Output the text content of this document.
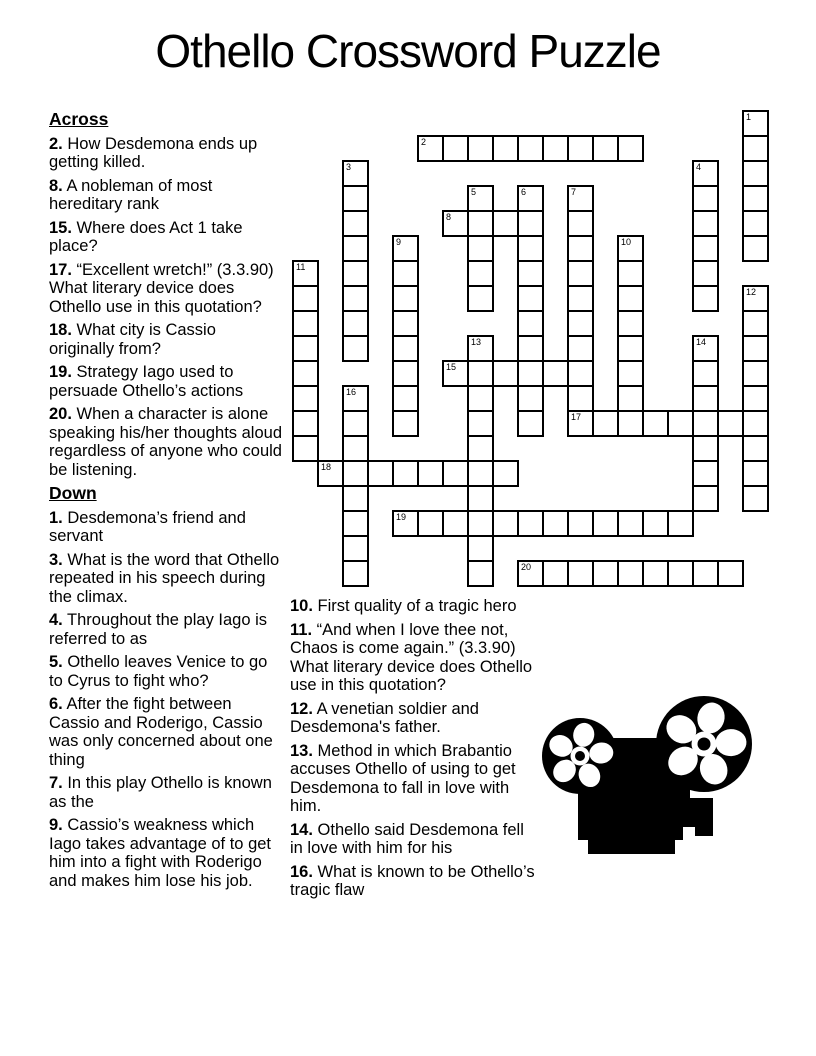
Othello Crossword Puzzle
1
2
3	4
5	6	7
17
8
9	10
11
12
13	14
15
16
18
19
20
Across

2. How Desdemona ends up getting killed.

8. A nobleman of most hereditary rank

15. Where does Act 1 take place?

17. “Excellent wretch!” (3.3.90) What literary device does Othello use in this quotation?

18. What city is Cassio originally from?

19. Strategy Iago used to persuade Othello’s actions

20. When a character is alone speaking his/her thoughts aloud regardless of anyone who could be listening.

Down

1. Desdemona’s friend and servant

3. What is the word that Othello repeated in his speech during the climax.

4. Throughout the play Iago is referred to as

5. Othello leaves Venice to go to Cyrus to fight who?

6. After the fight between Cassio and Roderigo, Cassio was only concerned about one thing

7. In this play Othello is known as the

9. Cassio’s weakness which Iago takes advantage of to get him into a fight with Roderigo and makes him lose his job.

10. First quality of a tragic hero

11. “And when I love thee not, Chaos is come again.” (3.3.90) What literary device does Othello use in this quotation?

12. A venetian soldier and Desdemona's father.

13. Method in which Brabantio accuses Othello of using to get Desdemona to fall in love with him.

14. Othello said Desdemona fell in love with him for his

16. What is known to be Othello’s tragic flaw
